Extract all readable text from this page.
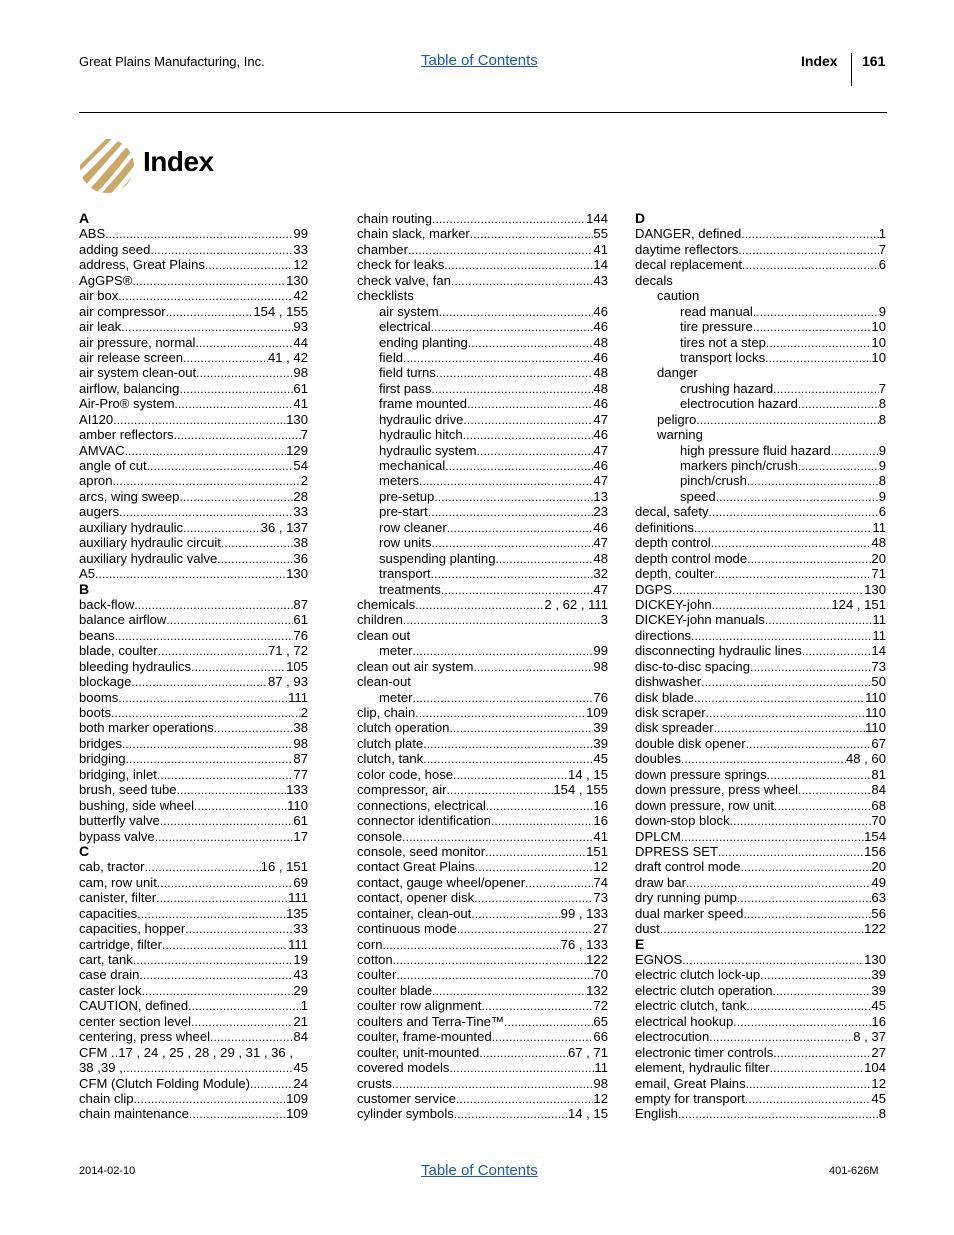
Great Plains Manufacturing, Inc.	Table of Contents	Index 161
Index
A
ABS . . .	99
adding seed . . .	33
address, Great Plains . . .	12
AgGPS® . . .	130
air box . . .	42
air compressor . . .	154 , 155
air leak . . .	93
air pressure, normal . . .	44
air release screen . . .	41 , 42
air system clean-out . . .	98
airflow, balancing . . .	61
Air-Pro® system . . .	41
AI120 . . .	130
amber reflectors . . .	7
AMVAC . . .	129
angle of cut . . .	54
apron . . .	2
arcs, wing sweep . . .	28
augers . . .	33
auxiliary hydraulic . . .	36 , 137
auxiliary hydraulic circuit . . .	38
auxiliary hydraulic valve . . .	36
A5 . . .	130
B
back-flow . . .	87
balance airflow . . .	61
beans . . .	76
blade, coulter . . .	71 , 72
bleeding hydraulics . . .	105
blockage . . .	87 , 93
booms . . .	111
boots . . .	2
both marker operations . . .	38
bridges . . .	98
bridging . . .	87
bridging, inlet . . .	77
brush, seed tube . . .	133
bushing, side wheel . . .	110
butterfly valve . . .	61
bypass valve . . .	17
C
cab, tractor . . .	16 , 151
cam, row unit . . .	69
canister, filter . . .	111
capacities . . .	135
capacities, hopper . . .	33
cartridge, filter . . .	111
cart, tank . . .	19
case drain . . .	43
caster lock . . .	29
CAUTION, defined . . .	1
center section level . . .	21
centering, press wheel . . .	84
CFM ..17 , 24 , 25 , 28 , 29 , 31 , 36 , 38 , 39 , . . .	45
CFM (Clutch Folding Module) . . .	24
chain clip . . .	109
chain maintenance . . .	109
chain routing . . .	144
chain slack, marker . . .	55
chamber . . .	41
check for leaks . . .	14
check valve, fan . . .	43
checklists
air system . . .	46
electrical . . .	46
ending planting . . .	48
field . . .	46
field turns . . .	48
first pass . . .	48
frame mounted . . .	46
hydraulic drive . . .	47
hydraulic hitch . . .	46
hydraulic system . . .	47
mechanical . . .	46
meters . . .	47
pre-setup . . .	13
pre-start . . .	23
row cleaner . . .	46
row units . . .	47
suspending planting . . .	48
transport . . .	32
treatments . . .	47
chemicals . . .	2 , 62 , 111
children . . .	3
clean out
meter . . .	99
clean out air system . . .	98
clean-out
meter . . .	76
clip, chain . . .	109
clutch operation . . .	39
clutch plate . . .	39
clutch, tank . . .	45
color code, hose . . .	14 , 15
compressor, air . . .	154 , 155
connections, electrical . . .	16
connector identification . . .	16
console . . .	41
console, seed monitor . . .	151
contact Great Plains . . .	12
contact, gauge wheel/opener . . .	74
contact, opener disk . . .	73
container, clean-out . . .	99 , 133
continuous mode . . .	27
corn . . .	76 , 133
cotton . . .	122
coulter . . .	70
coulter blade . . .	132
coulter row alignment . . .	72
coulters and Terra-Tine™ . . .	65
coulter, frame-mounted . . .	66
coulter, unit-mounted . . .	67 , 71
covered models . . .	11
crusts . . .	98
customer service . . .	12
cylinder symbols . . .	14 , 15
D
DANGER, defined . . .	1
daytime reflectors . . .	7
decal replacement . . .	6
decals
caution
read manual . . .	9
tire pressure . . .	10
tires not a step . . .	10
transport locks . . .	10
danger
crushing hazard . . .	7
electrocution hazard . . .	8
peligro . . .	8
warning
high pressure fluid hazard . . .	9
markers pinch/crush . . .	9
pinch/crush . . .	8
speed . . .	9
decal, safety . . .	6
definitions . . .	11
depth control . . .	48
depth control mode . . .	20
depth, coulter . . .	71
DGPS . . .	130
DICKEY-john . . .	124 , 151
DICKEY-john manuals . . .	11
directions . . .	11
disconnecting hydraulic lines . . .	14
disc-to-disc spacing . . .	73
dishwasher . . .	50
disk blade . . .	110
disk scraper . . .	110
disk spreader . . .	110
double disk opener . . .	67
doubles . . .	48 , 60
down pressure springs . . .	81
down pressure, press wheel . . .	84
down pressure, row unit . . .	68
down-stop block . . .	70
DPLCM . . .	154
DPRESS SET . . .	156
draft control mode . . .	20
draw bar . . .	49
dry running pump . . .	63
dual marker speed . . .	56
dust . . .	122
E
EGNOS . . .	130
electric clutch lock-up . . .	39
electric clutch operation . . .	39
electric clutch, tank . . .	45
electrical hookup . . .	16
electrocution . . .	8 , 37
electronic timer controls . . .	27
element, hydraulic filter . . .	104
email, Great Plains . . .	12
empty for transport . . .	45
English . . .	8
2014-02-10	Table of Contents	401-626M
